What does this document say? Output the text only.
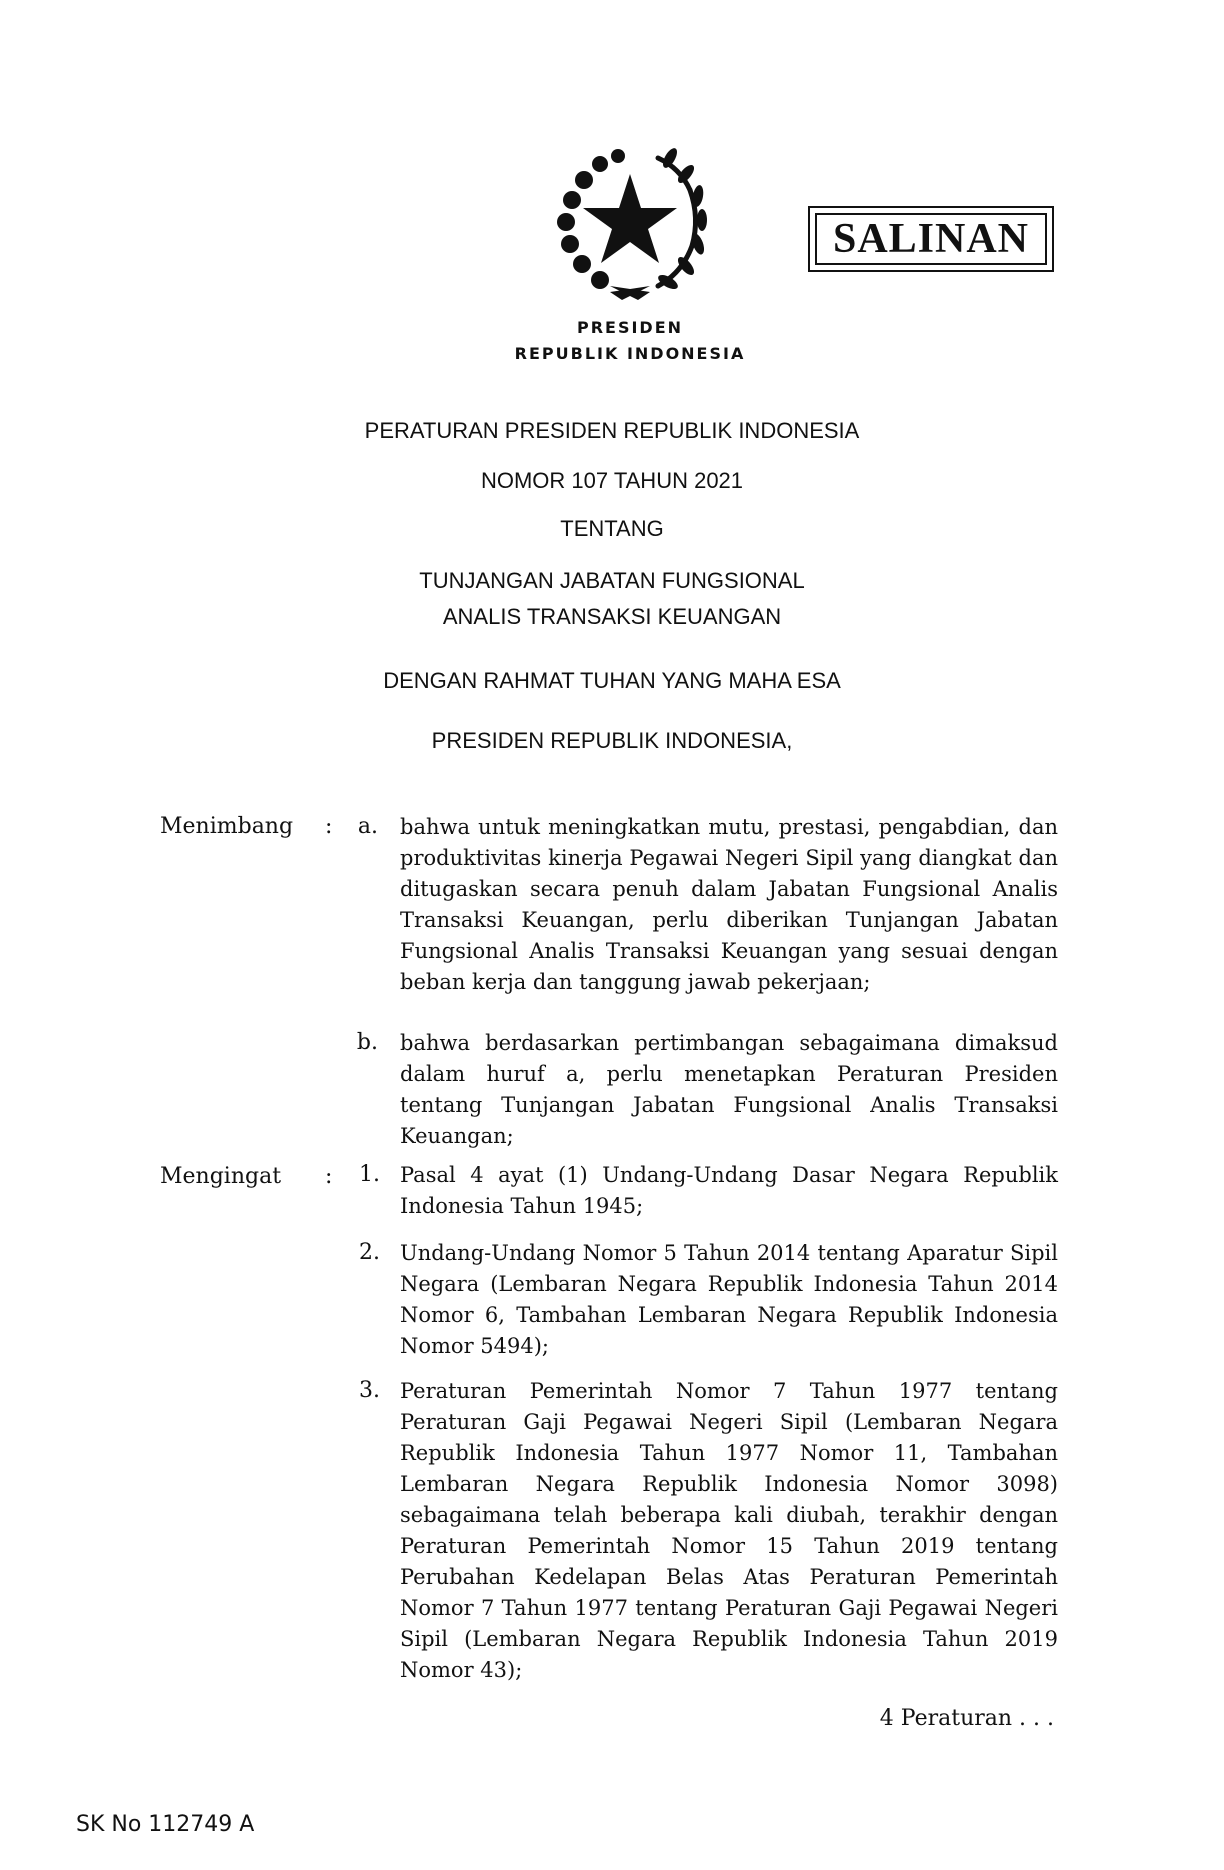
SALINAN
PRESIDEN
REPUBLIK INDONESIA
PERATURAN PRESIDEN REPUBLIK INDONESIA
NOMOR 107 TAHUN 2021
TENTANG
TUNJANGAN JABATAN FUNGSIONAL
ANALIS TRANSAKSI KEUANGAN
DENGAN RAHMAT TUHAN YANG MAHA ESA
PRESIDEN REPUBLIK INDONESIA,
Menimbang :	a. bahwa untuk meningkatkan mutu, prestasi, pengabdian, dan produktivitas kinerja Pegawai Negeri Sipil yang diangkat dan ditugaskan secara penuh dalam Jabatan Fungsional Analis Transaksi Keuangan, perlu diberikan Tunjangan Jabatan Fungsional Analis Transaksi Keuangan yang sesuai dengan beban kerja dan tanggung jawab pekerjaan;
b. bahwa berdasarkan pertimbangan sebagaimana dimaksud dalam huruf a, perlu menetapkan Peraturan Presiden tentang Tunjangan Jabatan Fungsional Analis Transaksi Keuangan;
Mengingat :	1. Pasal 4 ayat (1) Undang-Undang Dasar Negara Republik Indonesia Tahun 1945;
2. Undang-Undang Nomor 5 Tahun 2014 tentang Aparatur Sipil Negara (Lembaran Negara Republik Indonesia Tahun 2014 Nomor 6, Tambahan Lembaran Negara Republik Indonesia Nomor 5494);
3. Peraturan Pemerintah Nomor 7 Tahun 1977 tentang Peraturan Gaji Pegawai Negeri Sipil (Lembaran Negara Republik Indonesia Tahun 1977 Nomor 11, Tambahan Lembaran Negara Republik Indonesia Nomor 3098) sebagaimana telah beberapa kali diubah, terakhir dengan Peraturan Pemerintah Nomor 15 Tahun 2019 tentang Perubahan Kedelapan Belas Atas Peraturan Pemerintah Nomor 7 Tahun 1977 tentang Peraturan Gaji Pegawai Negeri Sipil (Lembaran Negara Republik Indonesia Tahun 2019 Nomor 43);
4 Peraturan . . .
SK No 112749 A
